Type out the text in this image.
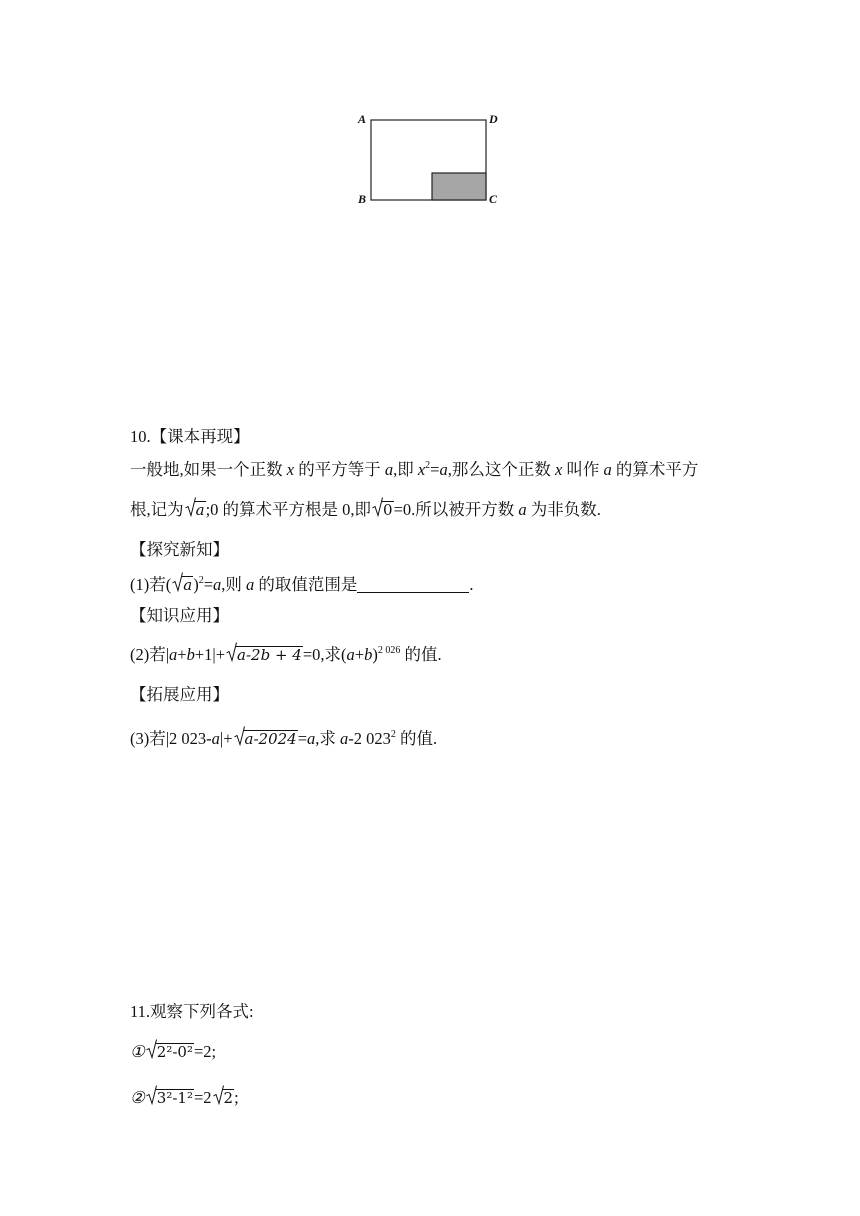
A	D
B	C
10.【课本再现】
一般地,如果一个正数 x 的平方等于 a,即 $x^2=a$,那么这个正数 x 叫作 a 的算术平方
根,记为 a;0 的算术平方根是 0,即 0=0.所以被开方数 a 为非负数.
【探究新知】
(1)若( a)$^2$=a,则 a 的取值范围是	.
【知识应用】
(2)若|a+b+1|+ a-2b + 4=0,求$(a+b)^{2 026}$ 的值.
【拓展应用】
(3)若|2 023-a|+ a-2024=a,求 a-2 $023^2$ 的值.
11.观察下列各式:
① 2²-0²=2;
② 3²-1²=2 2;
